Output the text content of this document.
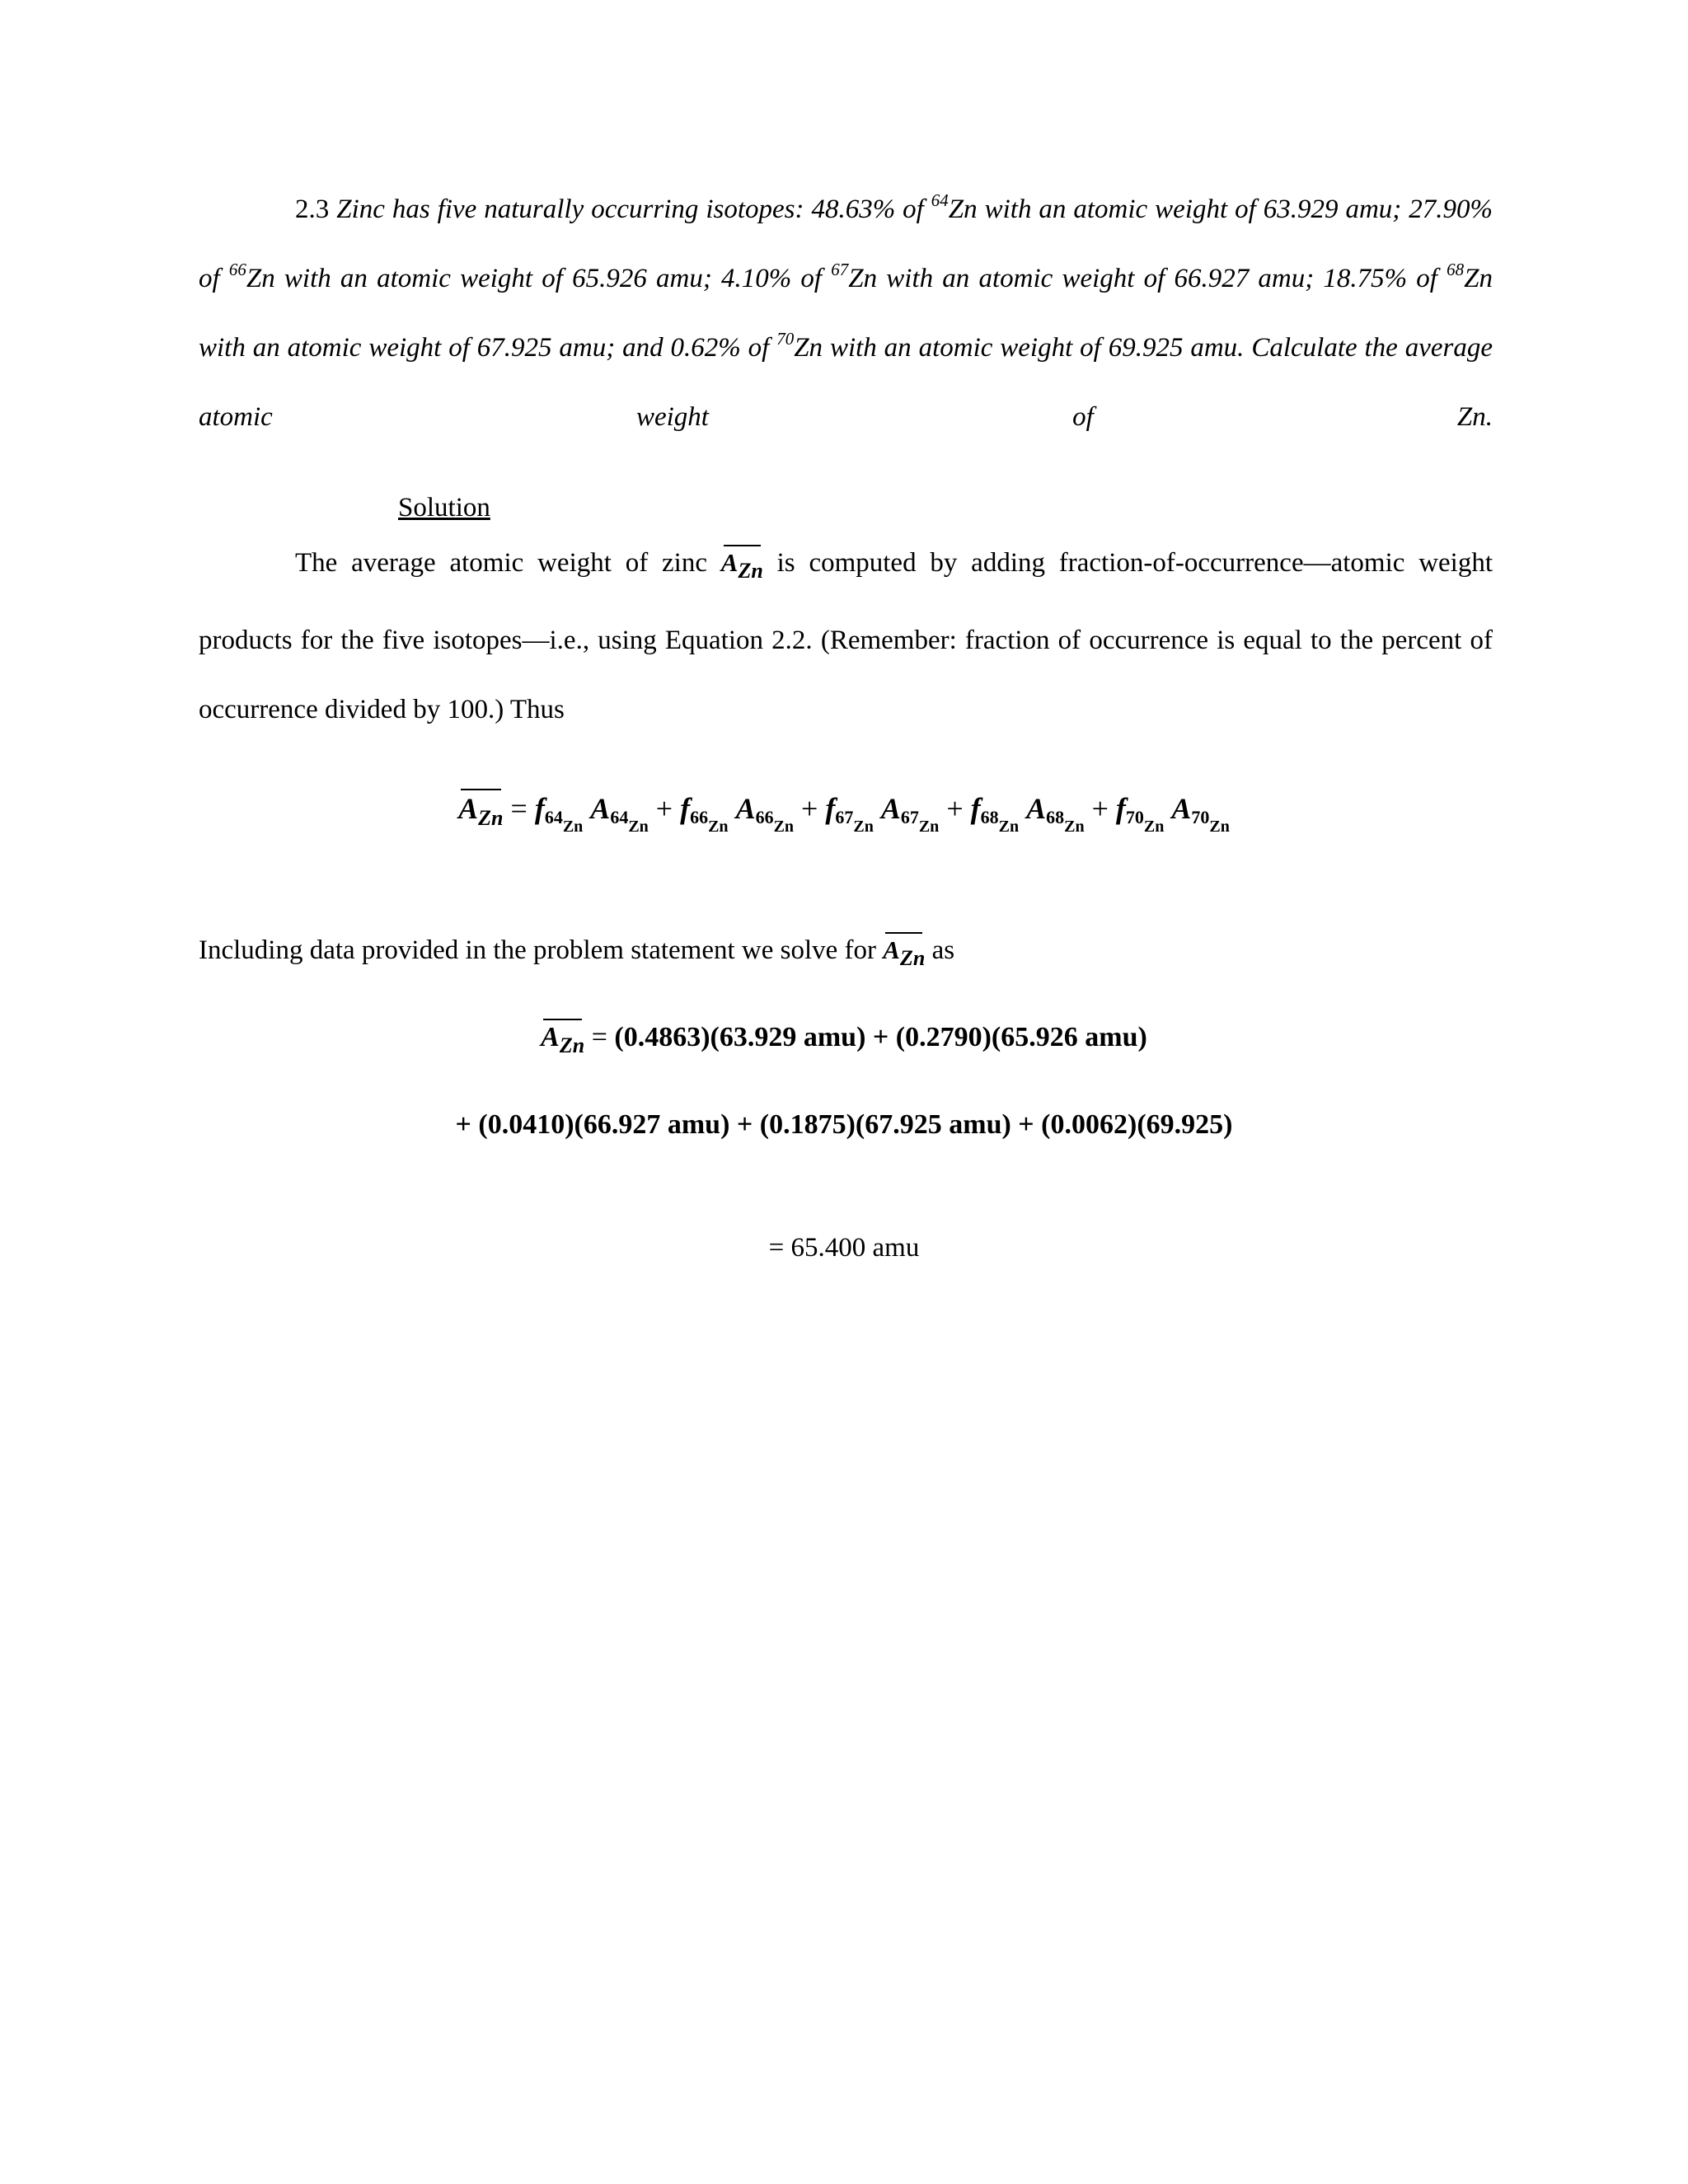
2.3 Zinc has five naturally occurring isotopes: 48.63% of $^{64}$Zn with an atomic weight of 63.929 amu; 27.90% of $^{66}$Zn with an atomic weight of 65.926 amu; 4.10% of $^{67}$Zn with an atomic weight of 66.927 amu; 18.75% of $^{68}$Zn with an atomic weight of 67.925 amu; and 0.62% of $^{70}$Zn with an atomic weight of 69.925 amu. Calculate the average atomic weight of Zn.

Solution

The average atomic weight of zinc $A_{Zn}$ is computed by adding fraction-of-occurrence—atomic weight products for the five isotopes—i.e., using Equation 2.2. (Remember: fraction of occurrence is equal to the percent of occurrence divided by 100.) Thus

$A_{Zn} = f64_{Zn}$ $A64_{Zn} + f66_{Zn}$ $A66_{Zn} + f67_{Zn}$ $A67_{Zn} + f68_{Zn}$ $A68_{Zn} + f70_{Zn}$ $A70_{Zn}$

Including data provided in the problem statement we solve for $A_{Zn}$ as

$A_{Zn} = (0.4863)(63.929$ amu) + (0.2790)(65.926 amu)
+ (0.0410)(66.927 amu) + (0.1875)(67.925 amu) + (0.0062)(69.925)
= 65.400 amu
